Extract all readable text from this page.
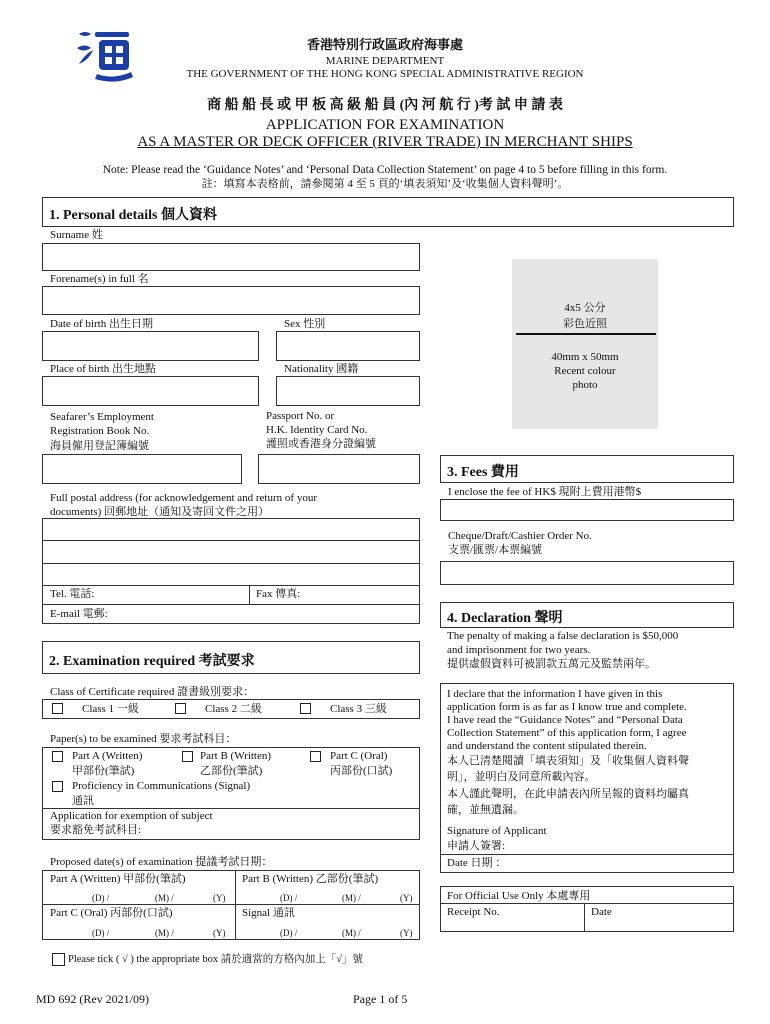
香港特別行政區政府海事處
MARINE DEPARTMENT
THE GOVERNMENT OF THE HONG KONG SPECIAL ADMINISTRATIVE REGION
商 船 船 長 或 甲 板 高 級 船 員 (內 河 航 行 )考 試 申 請 表
APPLICATION FOR EXAMINATION
AS A MASTER OR DECK OFFICER (RIVER TRADE) IN MERCHANT SHIPS
Note: Please read the ‘Guidance Notes’ and ‘Personal Data Collection Statement’ on page 4 to 5 before filling in this form.
註：填寫本表格前，請參閱第 4 至 5 頁的‘填表須知’及‘收集個人資料聲明’。
1. Personal details 個人資料
4x5 公分
彩色近照
40mm x 50mm
Recent colour
photo
Surname 姓
Forename(s) in full 名
Date of birth 出生日期	Sex 性別
Place of birth 出生地點	Nationality 國籍
Seafarer’s Employment
Registration Book No.
海員僱用登記簿編號
Passport No. or
H.K. Identity Card No.
護照或香港身分證編號
3. Fees 費用
I enclose the fee of HK$ 現附上費用港幣$
Cheque/Draft/Cashier Order No.
支票/匯票/本票編號
Full postal address (for acknowledgement and return of your
documents) 回郵地址（通知及寄回文件之用）
Tel. 電話:	Fax 傳真:
E-mail 電郵:	4. Declaration 聲明
The penalty of making a false declaration is $50,000
and imprisonment for two years.
提供虛假資料可被罰款五萬元及監禁兩年。
I declare that the information I have given in this
application form is as far as I know true and complete.
I have read the “Guidance Notes” and “Personal Data
Collection Statement” of this application form, I agree
and understand the content stipulated therein.
本人已清楚閱讀「填表須知」及「收集個人資料聲
明」，並明白及同意所載內容。
本人謹此聲明，在此申請表內所呈報的資料均屬真
確，並無遺漏。
Signature of Applicant
申請人簽署:
Date 日期 ：
For Official Use Only 本處專用
Receipt No.	Date
2. Examination required 考試要求
Class of Certificate required 證書級別要求：
Class 1 一級	Class 2 二級	Class 3 三級
Paper(s) to be examined 要求考試科目：
Part A (Written)
甲部份(筆試)
Part B (Written)
乙部份(筆試)
Part C (Oral)
丙部份(口試)
Proficiency in Communications (Signal)
通訊
Application for exemption of subject
要求豁免考試科目:
Proposed date(s) of examination 提議考試日期：
Part A (Written) 甲部份(筆試)	Part B (Written) 乙部份(筆試)
(D) /	(M) /	(Y)	(D) /	(M) /	(Y)
Part C (Oral) 丙部份(口試)	Signal 通訊
(D) /	(M) /	(Y)	(D) /	(M) /	(Y)
Please tick ( √ ) the appropriate box 請於適當的方格內加上「√」號
MD 692 (Rev 2021/09)	Page 1 of 5
